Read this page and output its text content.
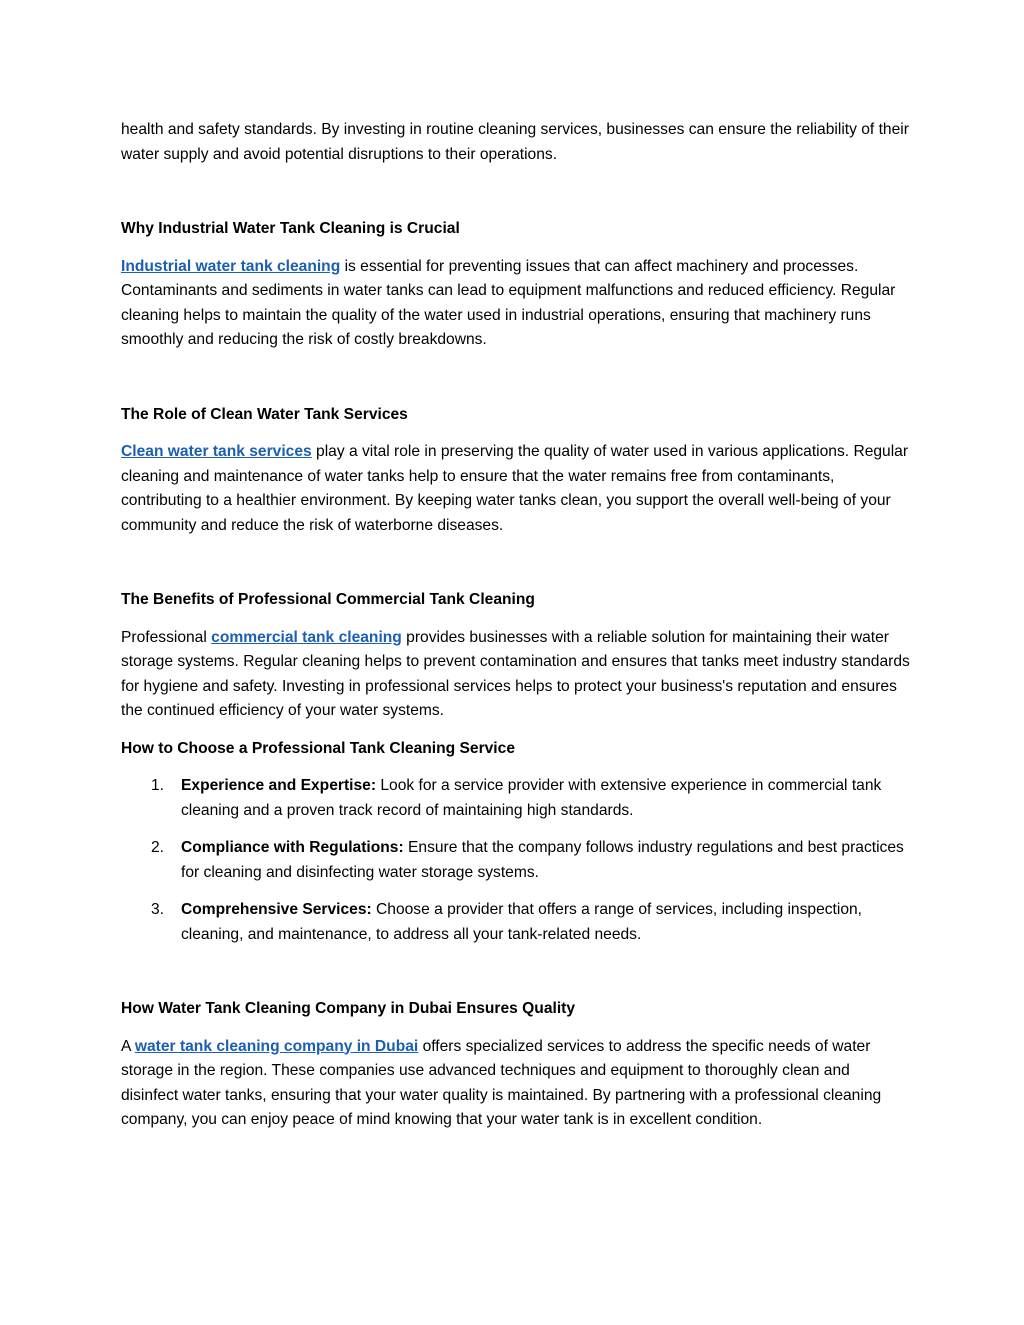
health and safety standards. By investing in routine cleaning services, businesses can ensure the reliability of their water supply and avoid potential disruptions to their operations.

Why Industrial Water Tank Cleaning is Crucial

Industrial water tank cleaning is essential for preventing issues that can affect machinery and processes. Contaminants and sediments in water tanks can lead to equipment malfunctions and reduced efficiency. Regular cleaning helps to maintain the quality of the water used in industrial operations, ensuring that machinery runs smoothly and reducing the risk of costly breakdowns.

The Role of Clean Water Tank Services

Clean water tank services play a vital role in preserving the quality of water used in various applications. Regular cleaning and maintenance of water tanks help to ensure that the water remains free from contaminants, contributing to a healthier environment. By keeping water tanks clean, you support the overall well-being of your community and reduce the risk of waterborne diseases.

The Benefits of Professional Commercial Tank Cleaning

Professional commercial tank cleaning provides businesses with a reliable solution for maintaining their water storage systems. Regular cleaning helps to prevent contamination and ensures that tanks meet industry standards for hygiene and safety. Investing in professional services helps to protect your business's reputation and ensures the continued efficiency of your water systems.

How to Choose a Professional Tank Cleaning Service
1. Experience and Expertise: Look for a service provider with extensive experience in commercial tank cleaning and a proven track record of maintaining high standards.
2. Compliance with Regulations: Ensure that the company follows industry regulations and best practices for cleaning and disinfecting water storage systems.
3. Comprehensive Services: Choose a provider that offers a range of services, including inspection, cleaning, and maintenance, to address all your tank-related needs.
How Water Tank Cleaning Company in Dubai Ensures Quality

A water tank cleaning company in Dubai offers specialized services to address the specific needs of water storage in the region. These companies use advanced techniques and equipment to thoroughly clean and disinfect water tanks, ensuring that your water quality is maintained. By partnering with a professional cleaning company, you can enjoy peace of mind knowing that your water tank is in excellent condition.
